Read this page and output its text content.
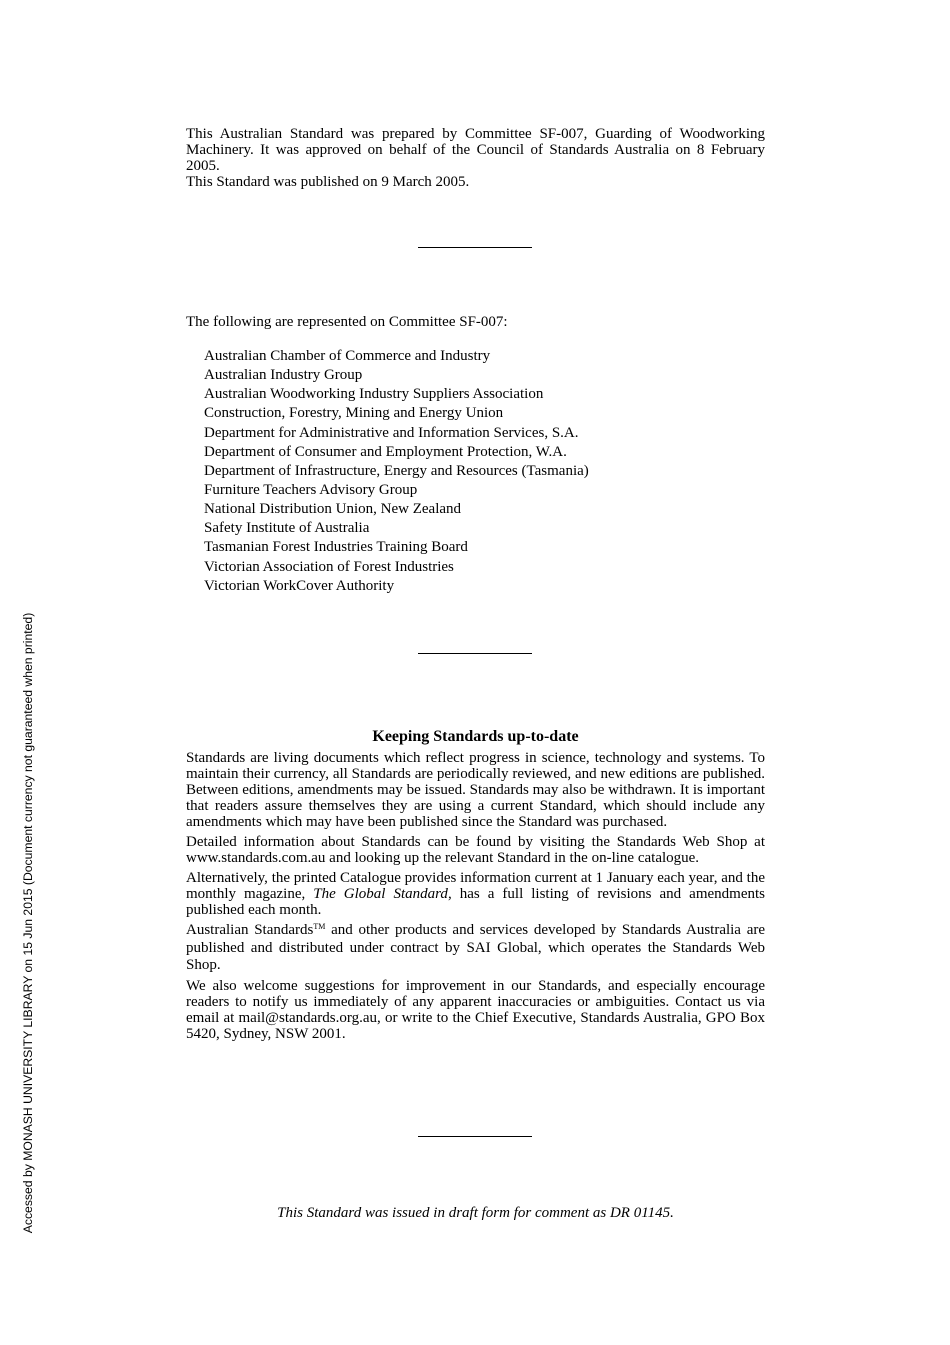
Accessed by MONASH UNIVERSITY LIBRARY on 15 Jun 2015 (Document currency not guaranteed when printed)

This Australian Standard was prepared by Committee SF-007, Guarding of Woodworking Machinery. It was approved on behalf of the Council of Standards Australia on 8 February 2005.

This Standard was published on 9 March 2005.

The following are represented on Committee SF-007:
Australian Chamber of Commerce and Industry
Australian Industry Group
Australian Woodworking Industry Suppliers Association
Construction, Forestry, Mining and Energy Union
Department for Administrative and Information Services, S.A.
Department of Consumer and Employment Protection, W.A.
Department of Infrastructure, Energy and Resources (Tasmania)
Furniture Teachers Advisory Group
National Distribution Union, New Zealand
Safety Institute of Australia
Tasmanian Forest Industries Training Board
Victorian Association of Forest Industries
Victorian WorkCover Authority
Keeping Standards up-to-date

Standards are living documents which reflect progress in science, technology and systems. To maintain their currency, all Standards are periodically reviewed, and new editions are published. Between editions, amendments may be issued. Standards may also be withdrawn. It is important that readers assure themselves they are using a current Standard, which should include any amendments which may have been published since the Standard was purchased.

Detailed information about Standards can be found by visiting the Standards Web Shop at www.standards.com.au and looking up the relevant Standard in the on-line catalogue.

Alternatively, the printed Catalogue provides information current at 1 January each year, and the monthly magazine, The Global Standard, has a full listing of revisions and amendments published each month.

Australian Standards™ and other products and services developed by Standards Australia are published and distributed under contract by SAI Global, which operates the Standards Web Shop.

We also welcome suggestions for improvement in our Standards, and especially encourage readers to notify us immediately of any apparent inaccuracies or ambiguities. Contact us via email at mail@standards.org.au, or write to the Chief Executive, Standards Australia, GPO Box 5420, Sydney, NSW 2001.

This Standard was issued in draft form for comment as DR 01145.
